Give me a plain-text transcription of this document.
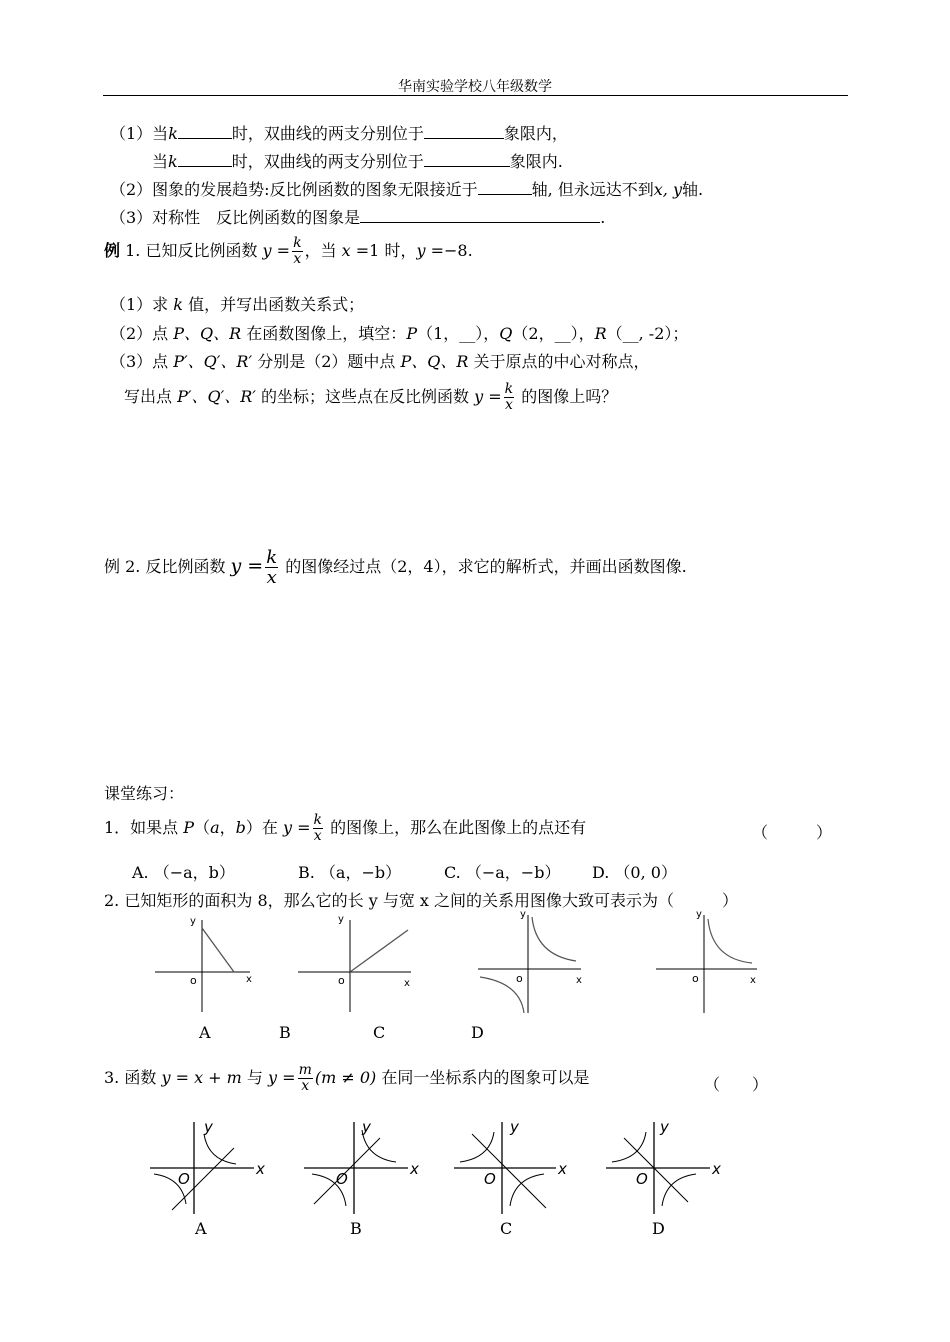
华南实验学校八年级数学
（1）当k	时，双曲线的两支分别位于	象限内，
当k	时，双曲线的两支分别位于	象限内.
（2）图象的发展趋势:反比例函数的图象无限接近于	轴, 但永远达不到x, y轴.
（3）对称性　反比例函数的图象是	.
例 1. 已知反比例函数 $y = \frac{k}{x}$ ，当 x =1 时，y =−8.
（1）求 k 值，并写出函数关系式；
（2）点 P、Q、R 在函数图像上，填空：P（1，__），Q（2，__），R（__, -2）；
（3）点 P′、Q′、R′ 分别是（2）题中点 P、Q、R 关于原点的中心对称点，
写出点 P′、Q′、R′ 的坐标；这些点在反比例函数 $y = \frac{k}{x}$ 的图像上吗？
例 2. 反比例函数 $y = \frac{k}{x}$ 的图像经过点（2，4），求它的解析式，并画出函数图像.
课堂练习：
1．如果点 P（a，b）在 $y = \frac{k}{x}$ 的图像上，那么在此图像上的点还有	（　　　）
A. （−a，b）	B. （a，−b）	C. （−a，−b） D. （0, 0）
2. 已知矩形的面积为 8，那么它的长 y 与宽 x 之间的关系用图像大致可表示为（　　　）
y
x
o
y
x
o
y
x
o
y
x
o
A	B	C	D
3. 函数 y = x + m 与 $y = \frac{m}{x} (m \ne 0)$ 在同一坐标系内的图象可以是	（　　）
y
x
O
y
x
O
y
x
O
y
x
O
A	B	C	D
